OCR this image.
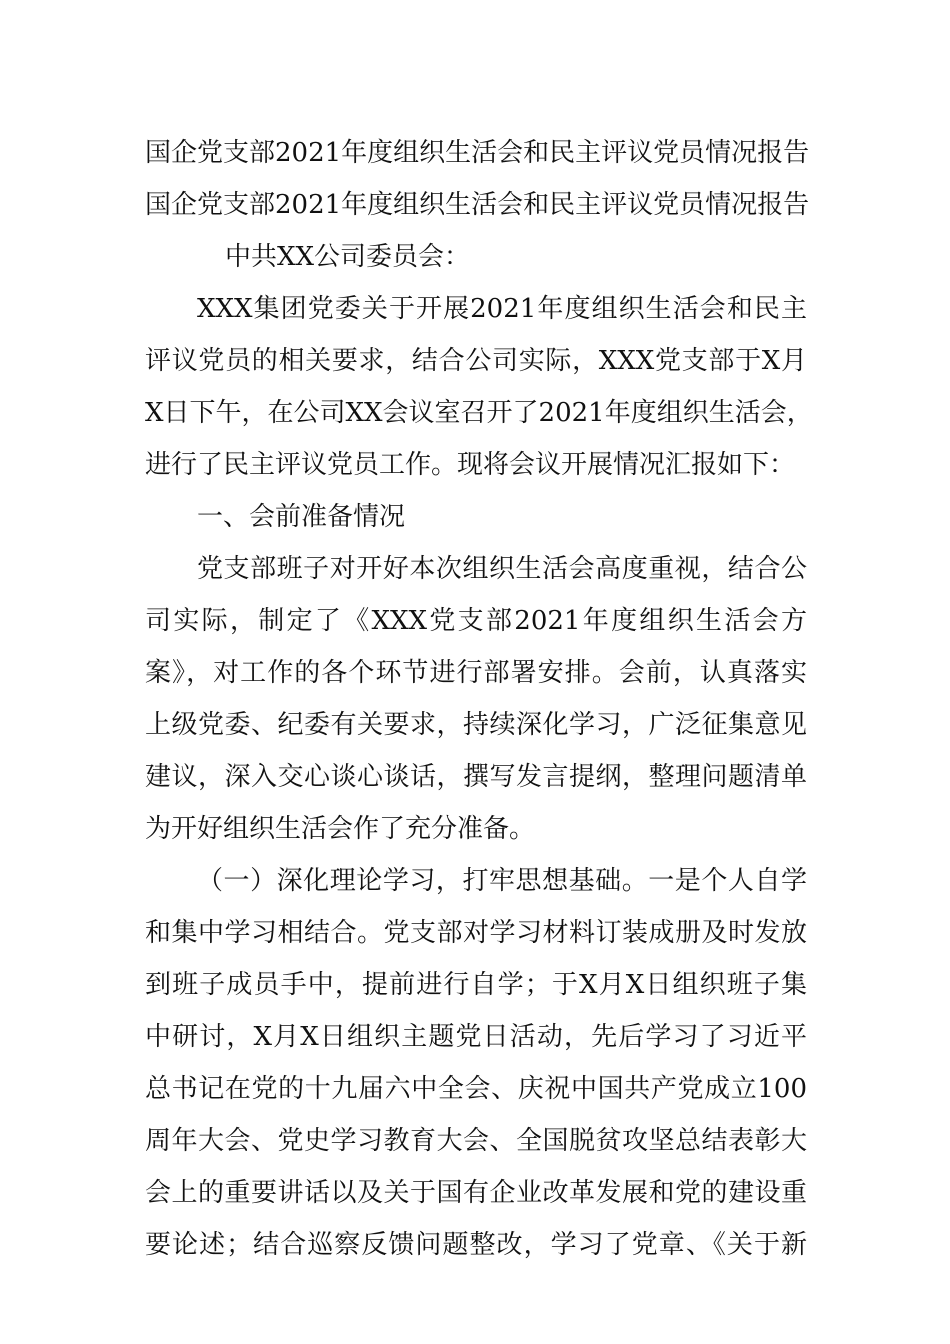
国企党支部2021年度组织生活会和民主评议党员情况报告
国企党支部2021年度组织生活会和民主评议党员情况报告
中共XX公司委员会：
XXX集团党委关于开展2021年度组织生活会和民主
评议党员的相关要求，结合公司实际，XXX党支部于X月
X日下午，在公司XX会议室召开了2021年度组织生活会，
进行了民主评议党员工作。现将会议开展情况汇报如下：
一、会前准备情况
党支部班子对开好本次组织生活会高度重视，结合公
司实际，制定了《XXX党支部2021年度组织生活会方
案》，对工作的各个环节进行部署安排。会前，认真落实
上级党委、纪委有关要求，持续深化学习，广泛征集意见
建议，深入交心谈心谈话，撰写发言提纲，整理问题清单
为开好组织生活会作了充分准备。
（一）深化理论学习，打牢思想基础。一是个人自学
和集中学习相结合。党支部对学习材料订装成册及时发放
到班子成员手中，提前进行自学；于X月X日组织班子集
中研讨，X月X日组织主题党日活动，先后学习了习近平
总书记在党的十九届六中全会、庆祝中国共产党成立100
周年大会、党史学习教育大会、全国脱贫攻坚总结表彰大
会上的重要讲话以及关于国有企业改革发展和党的建设重
要论述；结合巡察反馈问题整改，学习了党章、《关于新
